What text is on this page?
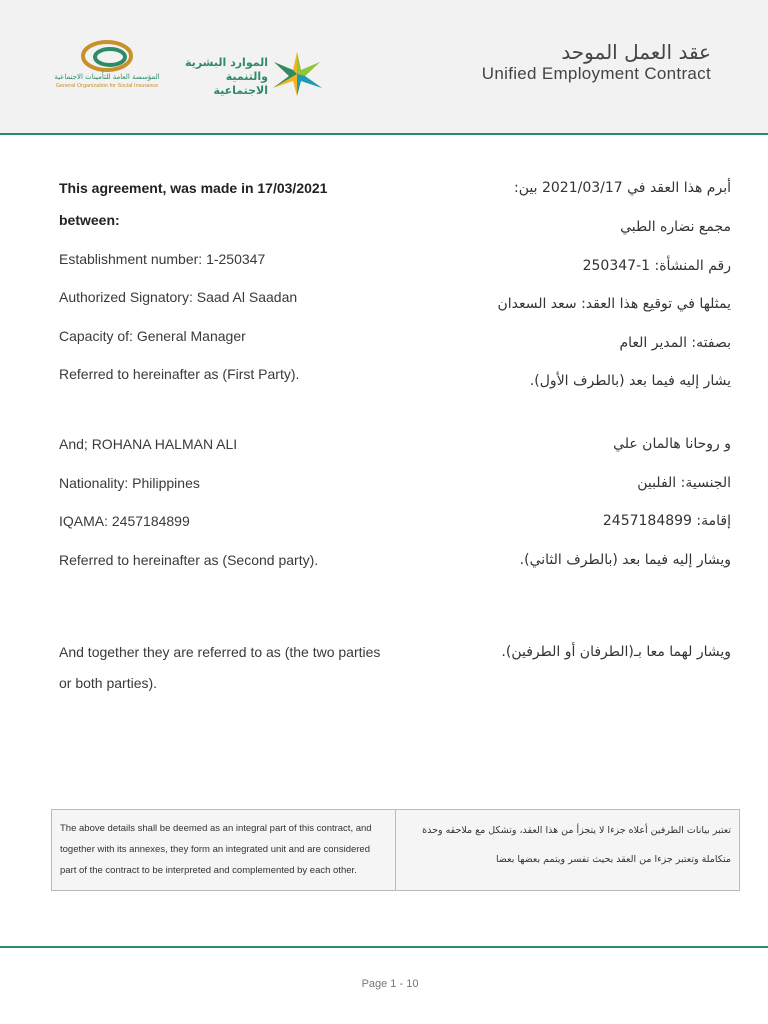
المؤسسة العامة للتأمينات الاجتماعية
General Organization for Social Insurance
الموارد البشرية
والتنمية الاجتماعية
عقد العمل الموحد
Unified Employment Contract
This agreement, was made in 17/03/2021	أبرم هذا العقد في 2021/03/17 بين:
between:	مجمع نضاره الطبي
Establishment number: 1-250347	رقم المنشأة: 1-250347
Authorized Signatory: Saad Al Saadan	يمثلها في توقيع هذا العقد: سعد السعدان
Capacity of: General Manager	بصفته: المدير العام
Referred to hereinafter as (First Party).	يشار إليه فيما بعد (بالطرف الأول).
And; ROHANA HALMAN ALI	و روحانا هالمان علي
Nationality: Philippines	الجنسية: الفلبين
IQAMA: 2457184899	إقامة: 2457184899
Referred to hereinafter as (Second party).	ويشار إليه فيما بعد (بالطرف الثاني).
And together they are referred to as (the two parties	ويشار لهما معا بـ(الطرفان أو الطرفين).
or both parties).
The above details shall be deemed as an integral part of this contract, and together with its annexes, they form an integrated unit and are considered part of the contract to be interpreted and complemented by each other.
تعتبر بيانات الطرفين أعلاه جزءا لا يتجزأ من هذا العقد، وتشكل مع ملاحقه وحدة متكاملة وتعتبر جزءا من العقد بحيث تفسر ويتمم بعضها بعضا
Page 1 - 10
